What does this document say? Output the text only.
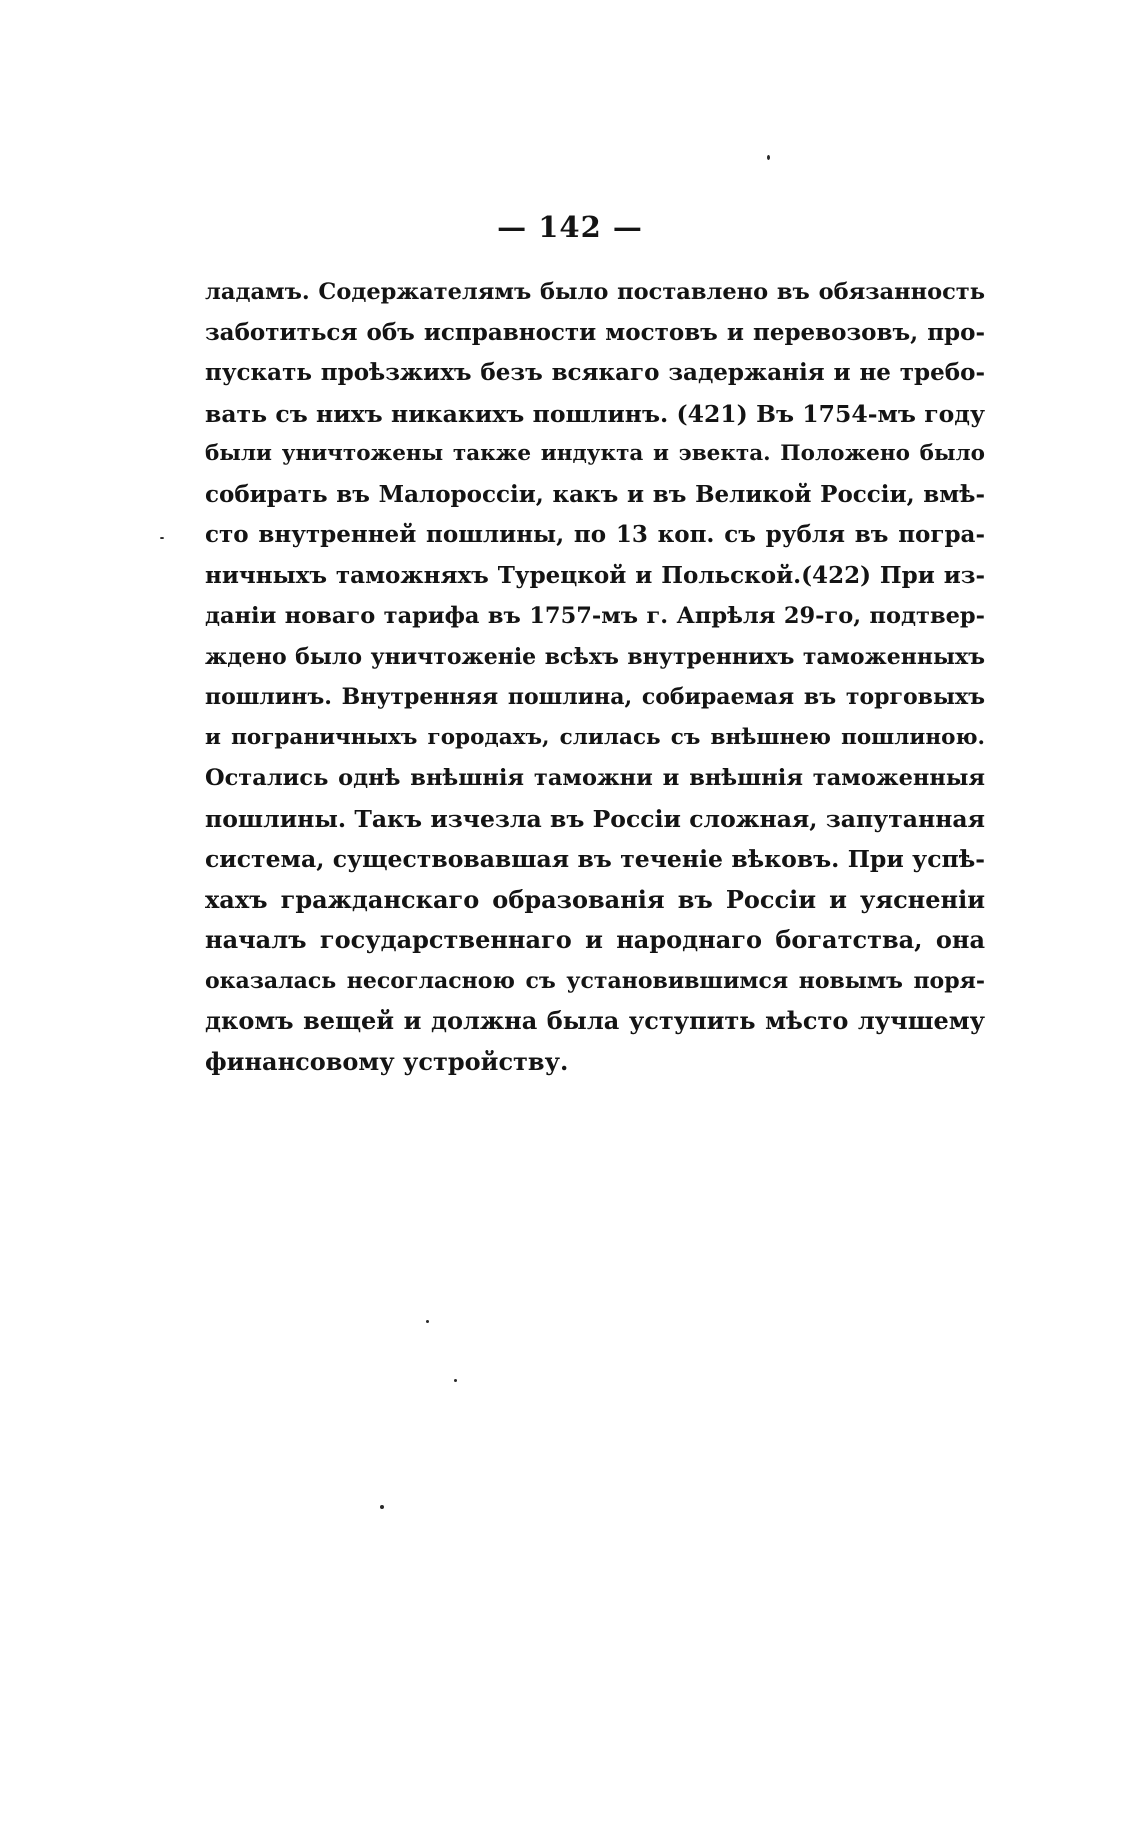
— 142 —
ладамъ. Содержателямъ было поставлено въ обязанность
заботиться объ исправности мостовъ и перевозовъ, про-
пускать проѣзжихъ безъ всякаго задержанія и не требо-
вать съ нихъ никакихъ пошлинъ. (421) Въ 1754-мъ году
были уничтожены также индукта и эвекта. Положено было
собирать въ Малороссіи, какъ и въ Великой Россіи, вмѣ-
сто внутренней пошлины, по 13 коп. съ рубля въ погра-
ничныхъ таможняхъ Турецкой и Польской.(422) При из-
даніи новаго тарифа въ 1757-мъ г. Апрѣля 29-го, подтвер-
ждено было уничтоженіе всѣхъ внутреннихъ таможенныхъ
пошлинъ. Внутренняя пошлина, собираемая въ торговыхъ
и пограничныхъ городахъ, слилась съ внѣшнею пошлиною.
Остались однѣ внѣшнія таможни и внѣшнія таможенныя
пошлины. Такъ изчезла въ Россіи сложная, запутанная
система, существовавшая въ теченіе вѣковъ. При успѣ-
хахъ гражданскаго образованія въ Россіи и уясненіи
началъ государственнаго и народнаго богатства, она
оказалась несогласною съ установившимся новымъ поря-
дкомъ вещей и должна была уступить мѣсто лучшему
финансовому устройству.
